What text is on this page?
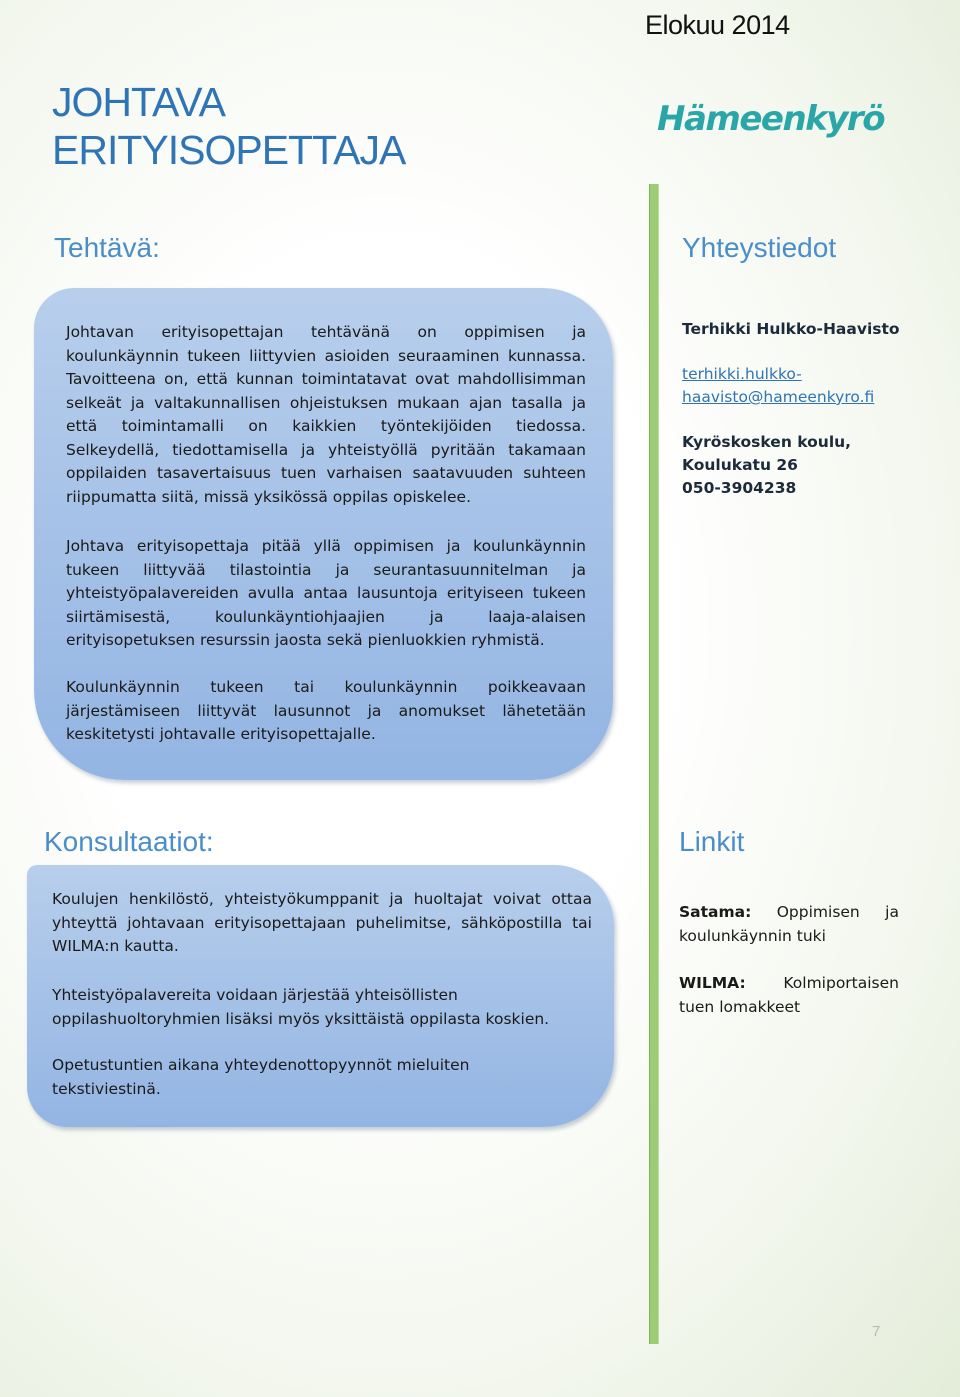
Elokuu 2014
JOHTAVA
ERITYISOPETTAJA
Hämeenkyrö
Tehtävä:	Yhteystiedot

Johtavan erityisopettajan tehtävänä on oppimisen ja koulunkäynnin tukeen liittyvien asioiden seuraaminen kunnassa. Tavoitteena on, että kunnan toimintatavat ovat mahdollisimman selkeät ja valtakunnallisen ohjeistuksen mukaan ajan tasalla ja että toimintamalli on kaikkien työntekijöiden tiedossa. Selkeydellä, tiedottamisella ja yhteistyöllä pyritään takamaan oppilaiden tasavertaisuus tuen varhaisen saatavuuden suhteen riippumatta siitä, missä yksikössä oppilas opiskelee.

Johtava erityisopettaja pitää yllä oppimisen ja koulunkäynnin tukeen liittyvää tilastointia ja seurantasuunnitelman ja yhteistyöpalavereiden avulla antaa lausuntoja erityiseen tukeen siirtämisestä, koulunkäyntiohjaajien ja laaja-alaisen erityisopetuksen resurssin jaosta sekä pienluokkien ryhmistä.

Koulunkäynnin tukeen tai koulunkäynnin poikkeavaan järjestämiseen liittyvät lausunnot ja anomukset lähetetään keskitetysti johtavalle erityisopettajalle.

Terhikki Hulkko-Haavisto
terhikki.hulkko-
haavisto@hameenkyro.fi
Kyröskosken koulu,
Koulukatu 26
050-3904238
Konsultaatiot:	Linkit

Koulujen henkilöstö, yhteistyökumppanit ja huoltajat voivat ottaa yhteyttä johtavaan erityisopettajaan puhelimitse, sähköpostilla tai WILMA:n kautta.

Yhteistyöpalavereita voidaan järjestää yhteisöllisten
oppilashuoltoryhmien lisäksi myös yksittäistä oppilasta koskien.
Opetustuntien aikana yhteydenottopyynnöt mieluiten
tekstiviestinä.
Satama: Oppimisen ja koulunkäynnin tuki
WILMA: Kolmiportaisen tuen lomakkeet
7
